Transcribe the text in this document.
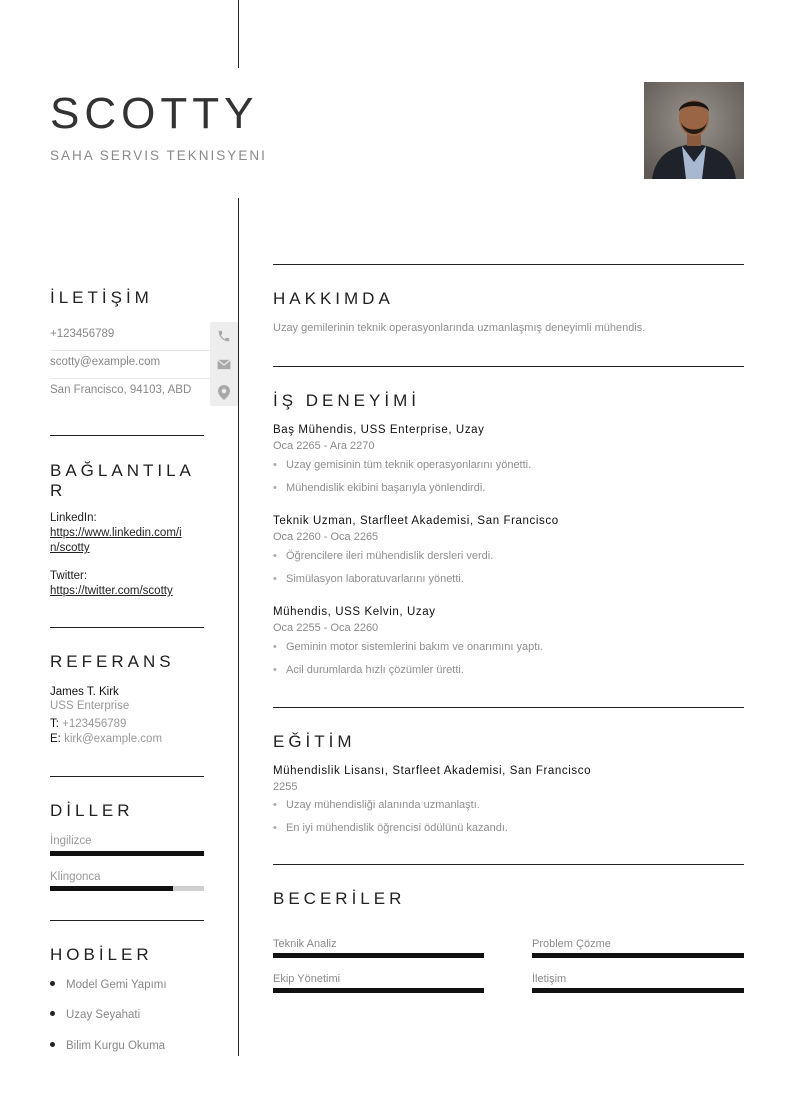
SCOTTY
SAHA SERVIS TEKNISYENI
İLETİŞİM
+123456789
scotty@example.com
San Francisco, 94103, ABD
BAĞLANTILA
R
LinkedIn:
https://www.linkedin.com/i
n/scotty
Twitter:
https://twitter.com/scotty
REFERANS
James T. Kirk
USS Enterprise
T: +123456789
E: kirk@example.com
DİLLER
İngilizce
Klingonca
HOBİLER
Model Gemi Yapımı
Uzay Seyahati
Bilim Kurgu Okuma
HAKKIMDA
Uzay gemilerinin teknik operasyonlarında uzmanlaşmış deneyimli mühendis.
İŞ DENEYİMİ
Baş Mühendis, USS Enterprise, Uzay
Oca 2265 - Ara 2270
• Uzay gemisinin tüm teknik operasyonlarını yönetti.
• Mühendislik ekibini başarıyla yönlendirdi.
Teknik Uzman, Starfleet Akademisi, San Francisco
Oca 2260 - Oca 2265
• Öğrencilere ileri mühendislik dersleri verdi.
• Simülasyon laboratuvarlarını yönetti.
Mühendis, USS Kelvin, Uzay
Oca 2255 - Oca 2260
• Geminin motor sistemlerini bakım ve onarımını yaptı.
• Acil durumlarda hızlı çözümler üretti.
EĞİTİM
Mühendislik Lisansı, Starfleet Akademisi, San Francisco
2255
• Uzay mühendisliği alanında uzmanlaştı.
• En iyi mühendislik öğrencisi ödülünü kazandı.
BECERİLER
Teknik Analiz	Problem Çözme
Ekip Yönetimi	İletişim
